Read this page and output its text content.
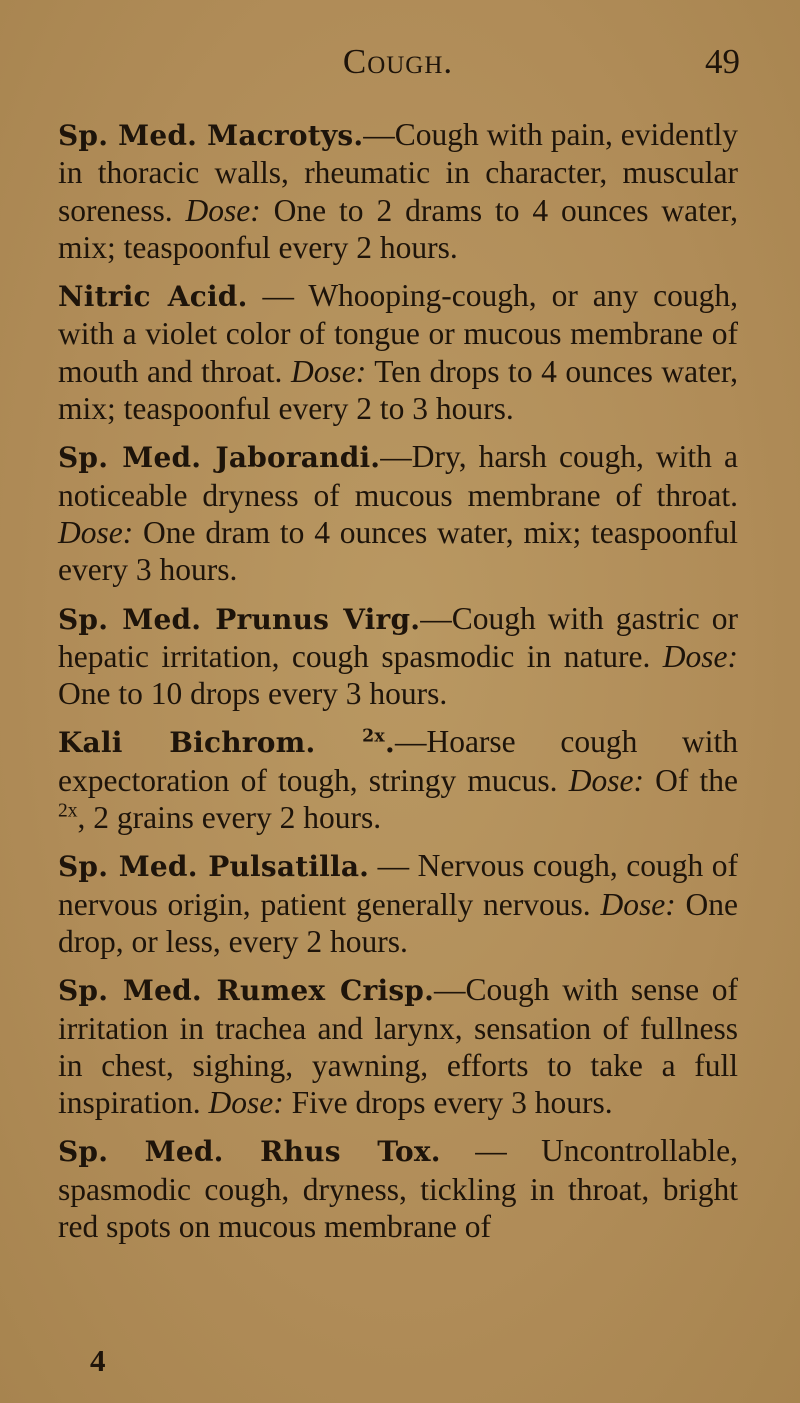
Cough.	49

Sp. Med. Macrotys.—Cough with pain, evidently in thoracic walls, rheumatic in character, muscular soreness. Dose: One to 2 drams to 4 ounces water, mix; teaspoonful every 2 hours.

Nitric Acid. — Whooping-cough, or any cough, with a violet color of tongue or mucous membrane of mouth and throat. Dose: Ten drops to 4 ounces water, mix; teaspoonful every 2 to 3 hours.

Sp. Med. Jaborandi.—Dry, harsh cough, with a noticeable dryness of mucous membrane of throat. Dose: One dram to 4 ounces water, mix; teaspoonful every 3 hours.

Sp. Med. Prunus Virg.—Cough with gastric or hepatic irritation, cough spasmodic in nature. Dose: One to 10 drops every 3 hours.

Kali Bichrom. $^{2x}$.—Hoarse cough with expectoration of tough, stringy mucus. Dose: Of the $^{2x}$, 2 grains every 2 hours.

Sp. Med. Pulsatilla. — Nervous cough, cough of nervous origin, patient generally nervous. Dose: One drop, or less, every 2 hours.

Sp. Med. Rumex Crisp.—Cough with sense of irritation in trachea and larynx, sensation of fullness in chest, sighing, yawning, efforts to take a full inspiration. Dose: Five drops every 3 hours.

Sp. Med. Rhus Tox. — Uncontrollable, spasmodic cough, dryness, tickling in throat, bright red spots on mucous membrane of

4
